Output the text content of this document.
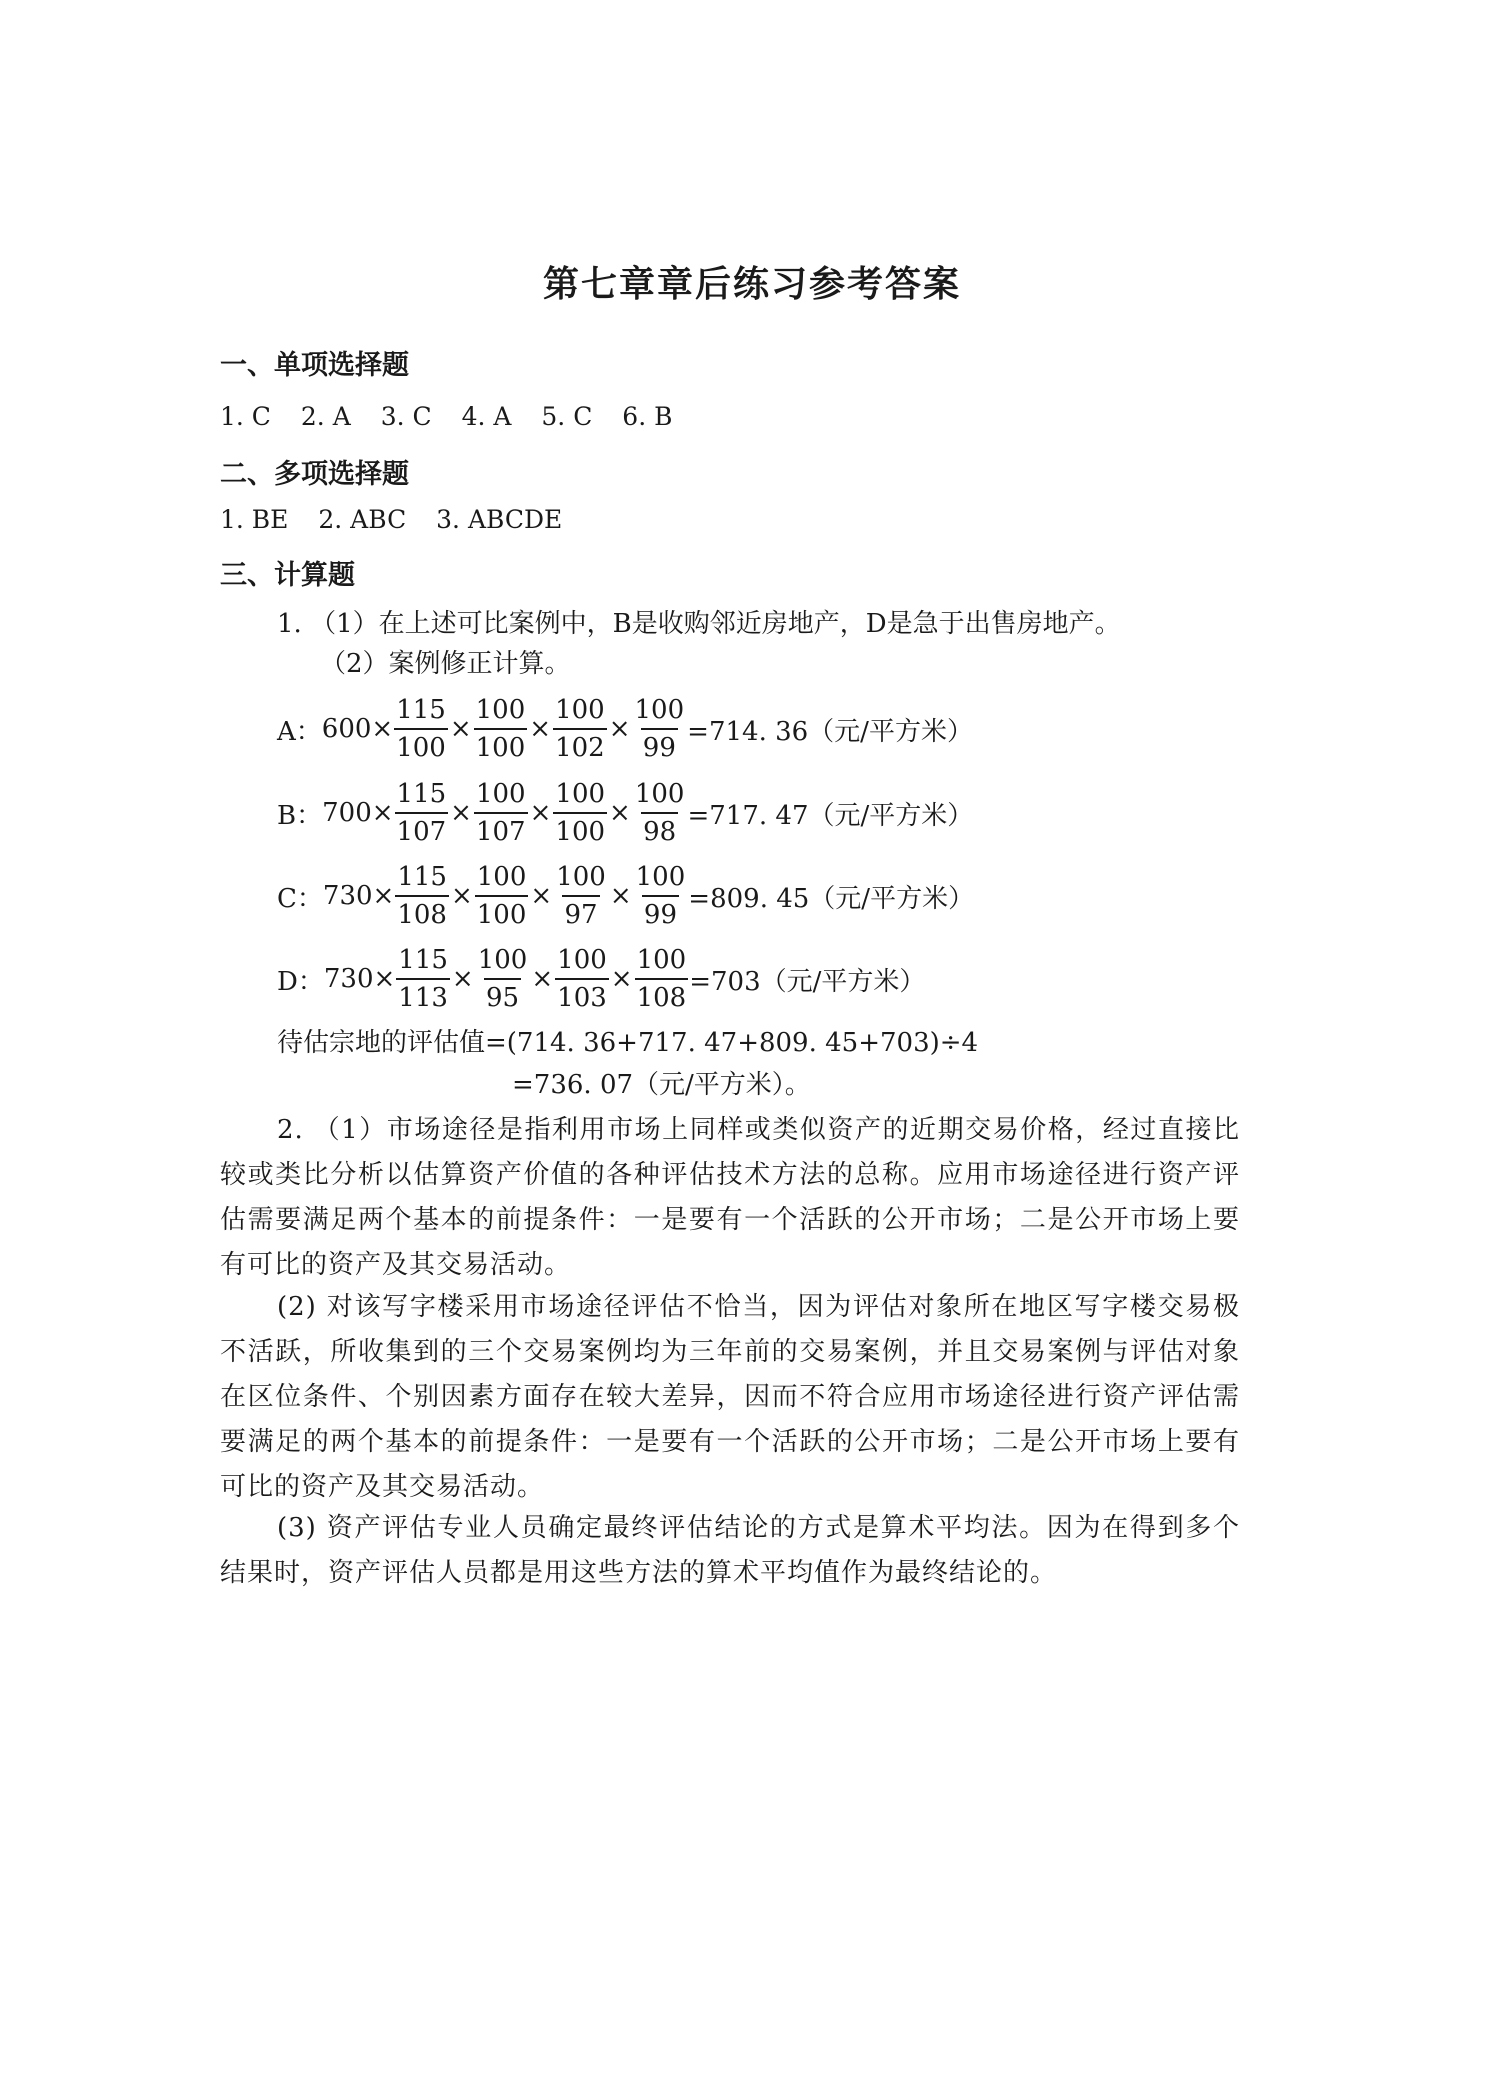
第七章章后练习参考答案
一、单项选择题
1. C 2. A 3. C 4. A 5. C 6. B
二、多项选择题
1. BE 2. ABC 3. ABCDE
三、计算题
1. （1）在上述可比案例中，B是收购邻近房地产，D是急于出售房地产。
（2）案例修正计算。
A： $600\times \frac{115}{100} \times \frac{100}{100} \times \frac{100}{102} \times \frac{100}{99} =714$. 36（元/平方米）
B： $700\times \frac{115}{107} \times \frac{100}{107} \times \frac{100}{100} \times \frac{100}{98} =717$. 47（元/平方米）
C： $730\times \frac{115}{108} \times \frac{100}{100} \times \frac{100}{97} \times \frac{100}{99} =809$. 45（元/平方米）
D： $730\times \frac{115}{113} \times \frac{100}{95} \times \frac{100}{103} \times \frac{100}{108} =703$（元/平方米）
待估宗地的评估值=(714. 36+717. 47+809. 45+703)÷4
=736. 07（元/平方米）。
2. （1）市场途径是指利用市场上同样或类似资产的近期交易价格，经过直接比较或类比分析以估算资产价值的各种评估技术方法的总称。应用市场途径进行资产评估需要满足两个基本的前提条件：一是要有一个活跃的公开市场；二是公开市场上要有可比的资产及其交易活动。
(2) 对该写字楼采用市场途径评估不恰当，因为评估对象所在地区写字楼交易极不活跃，所收集到的三个交易案例均为三年前的交易案例，并且交易案例与评估对象在区位条件、个别因素方面存在较大差异，因而不符合应用市场途径进行资产评估需要满足的两个基本的前提条件：一是要有一个活跃的公开市场；二是公开市场上要有可比的资产及其交易活动。
(3) 资产评估专业人员确定最终评估结论的方式是算术平均法。因为在得到多个结果时，资产评估人员都是用这些方法的算术平均值作为最终结论的。
